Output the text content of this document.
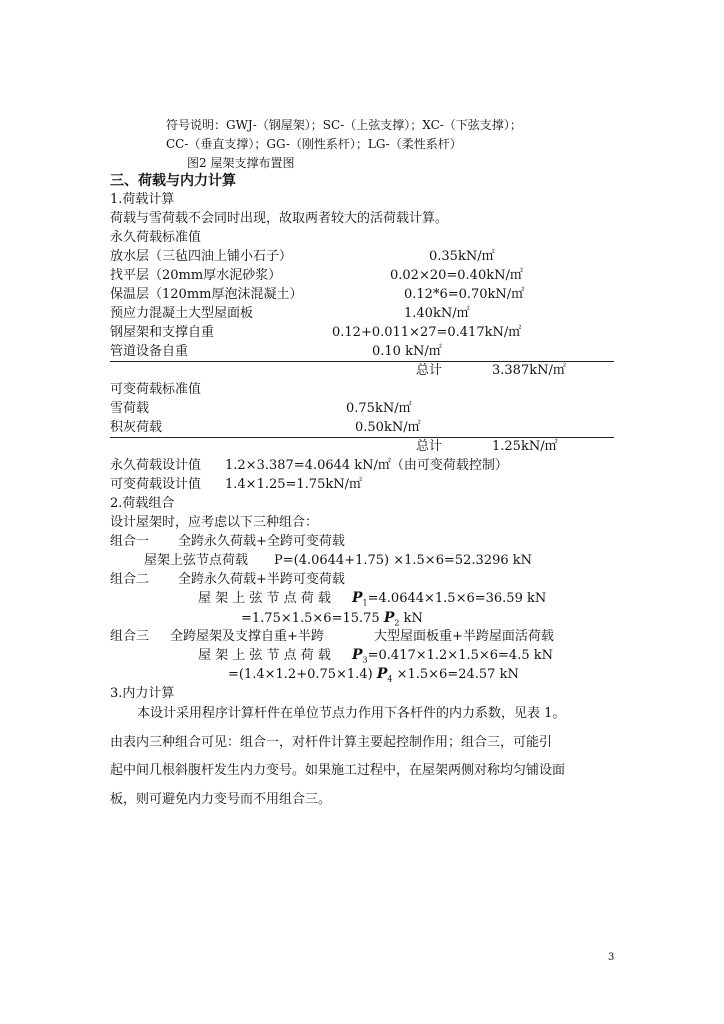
符号说明：GWJ-（钢屋架）；SC-（上弦支撑）；XC-（下弦支撑）；
CC-（垂直支撑）；GG-（刚性系杆）；LG-（柔性系杆）
图2 屋架支撑布置图
三、荷载与内力计算
1.荷载计算
荷载与雪荷载不会同时出现，故取两者较大的活荷载计算。
永久荷载标准值
放水层（三毡四油上铺小石子）	0.35kN/㎡
找平层（20mm厚水泥砂浆）	0.02×20=0.40kN/㎡
保温层（120mm厚泡沫混凝土）	0.12*6=0.70kN/㎡
预应力混凝土大型屋面板	1.40kN/㎡
钢屋架和支撑自重	0.12+0.011×27=0.417kN/㎡
管道设备自重	0.10 kN/㎡
总计	3.387kN/㎡
可变荷载标准值
雪荷载	0.75kN/㎡
积灰荷载	0.50kN/㎡
总计	1.25kN/㎡
永久荷载设计值 1.2×3.387=4.0644 kN/㎡（由可变荷载控制）
可变荷载设计值 1.4×1.25=1.75kN/㎡
2.荷载组合
设计屋架时，应考虑以下三种组合：
组合一 全跨永久荷载+全跨可变荷载
屋架上弦节点荷载 P=(4.0644+1.75) ×1.5×6=52.3296 kN
组合二 全跨永久荷载+半跨可变荷载
屋 架 上 弦 节 点 荷 载 $P_1=4.0644\times 1.5\times 6=36.59$ kN
=1.75×1.5×6=15.75 $P_2$ kN
组合三 全跨屋架及支撑自重+半跨	大型屋面板重+半跨屋面活荷载
屋 架 上 弦 节 点 荷 载 $P_3=0.417\times 1.2\times 1.5\times 6=4.5$ kN
=(1.4×1.2+0.75×1.4) $P_4 \times 1.5\times 6=24.57$ kN
3.内力计算
本设计采用程序计算杆件在单位节点力作用下各杆件的内力系数，见表 1。
由表内三种组合可见：组合一，对杆件计算主要起控制作用；组合三，可能引
起中间几根斜腹杆发生内力变号。如果施工过程中，在屋架两侧对称均匀铺设面
板，则可避免内力变号而不用组合三。
3
